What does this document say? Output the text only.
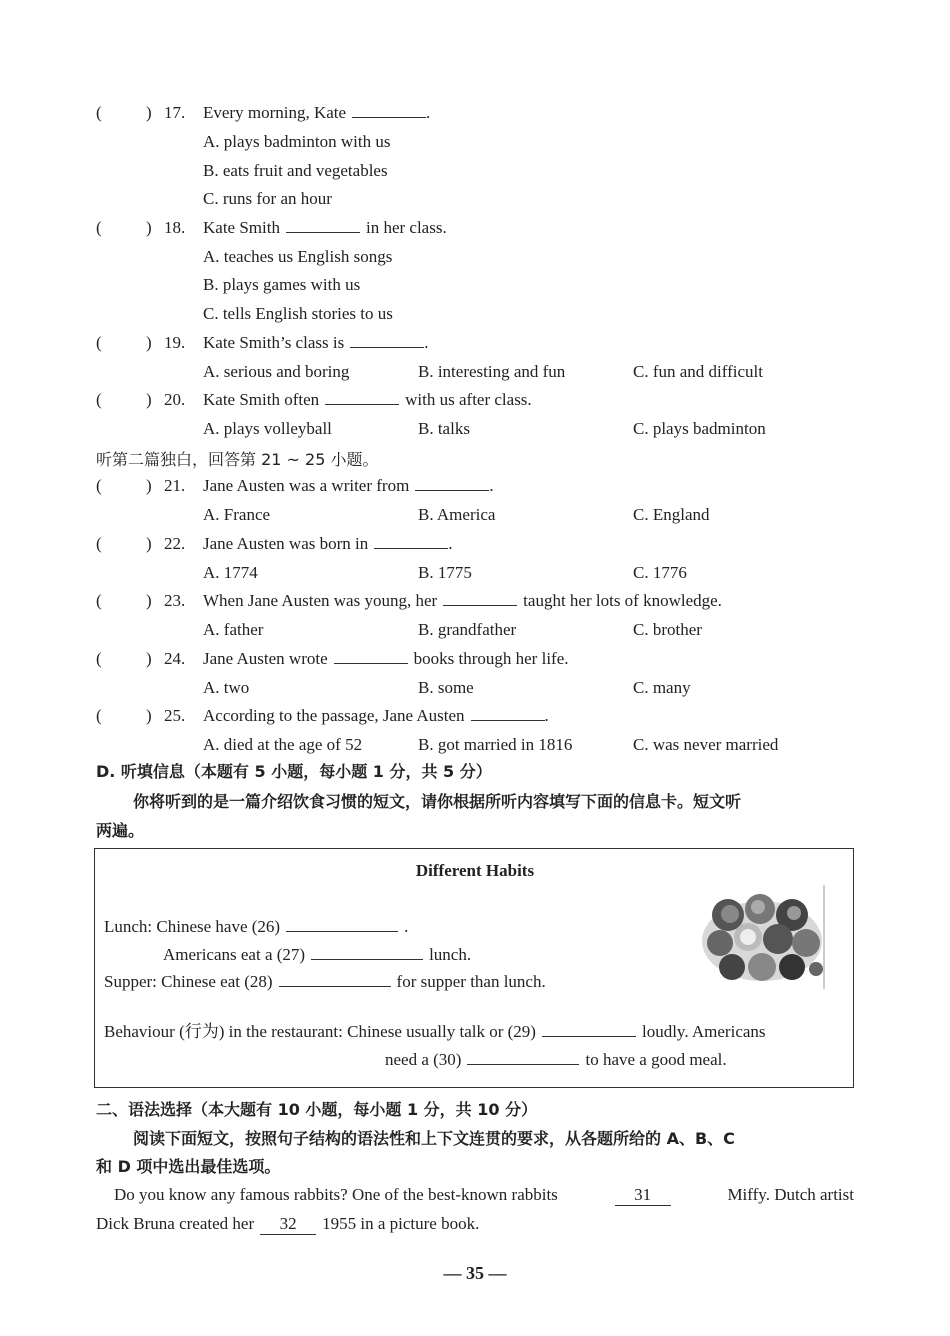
(	) 17. Every morning, Kate	.
A. plays badminton with us
B. eats fruit and vegetables
C. runs for an hour
(	) 18. Kate Smith	in her class.
A. teaches us English songs
B. plays games with us
C. tells English stories to us
(	) 19. Kate Smith’s class is	.
A. serious and boring	B. interesting and fun	C. fun and difficult
(	) 20. Kate Smith often	with us after class.
A. plays volleyball	B. talks	C. plays badminton
听第二篇独白，回答第 21 ~ 25 小题。
(	) 21. Jane Austen was a writer from	.
A. France	B. America	C. England
(	) 22. Jane Austen was born in	.
A. 1774	B. 1775	C. 1776
(	) 23. When Jane Austen was young, her	taught her lots of knowledge.
A. father	B. grandfather	C. brother
(	) 24. Jane Austen wrote	books through her life.
A. two	B. some	C. many
(	) 25. According to the passage, Jane Austen	.
A. died at the age of 52	B. got married in 1816	C. was never married
D. 听填信息（本题有 5 小题，每小题 1 分，共 5 分）
你将听到的是一篇介绍饮食习惯的短文，请你根据所听内容填写下面的信息卡。短文听
两遍。
Different Habits
Lunch: Chinese have (26)	.
Americans eat a (27)	lunch.
Supper: Chinese eat (28)	for supper than lunch.
Behaviour (行为) in the restaurant: Chinese usually talk or (29)	loudly. Americans
need a (30)	to have a good meal.
二、语法选择（本大题有 10 小题，每小题 1 分，共 10 分）
阅读下面短文，按照句子结构的语法性和上下文连贯的要求，从各题所给的 A、B、C
和 D 项中选出最佳选项。
Do you know any famous rabbits? One of the best-known rabbits	31	Miffy. Dutch artist
Dick Bruna created her 32 1955 in a picture book.
— 35 —
